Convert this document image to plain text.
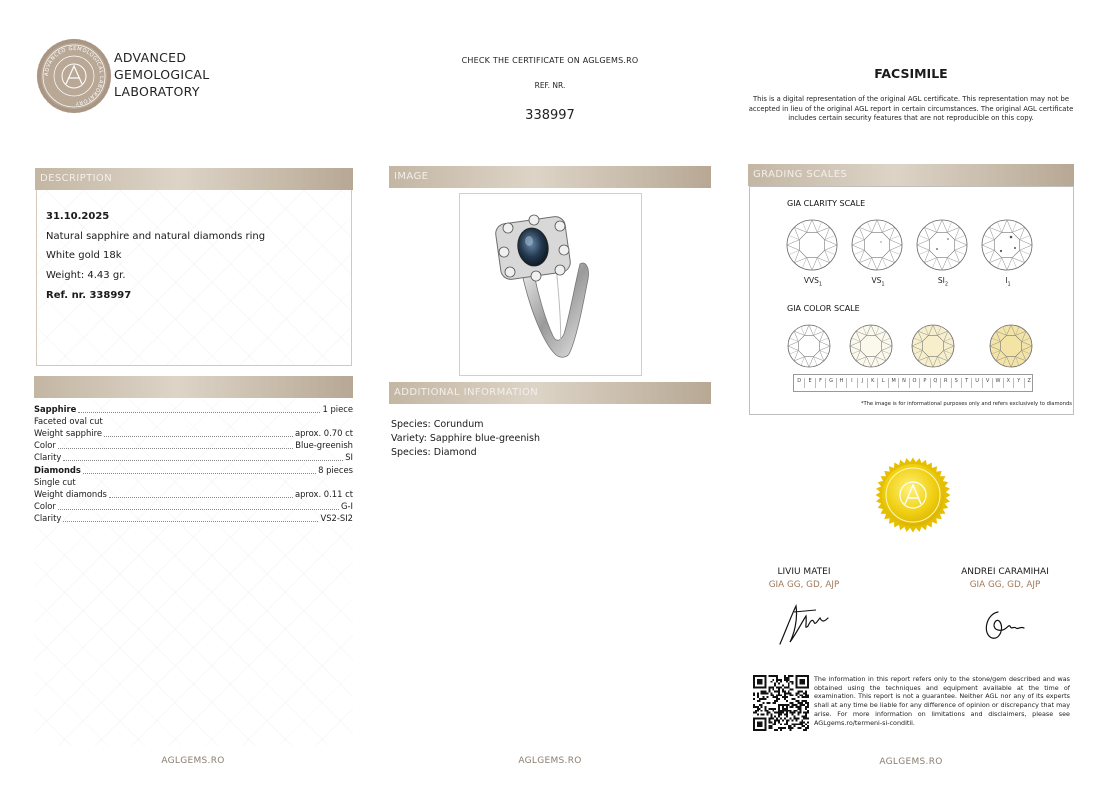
ADVANCED GEMOLOGICAL LABORATORY
ADVANCED
GEMOLOGICAL
LABORATORY
CHECK THE CERTIFICATE ON AGLGEMS.RO
REF. NR.
338997
FACSIMILE
This is a digital representation of the original AGL certificate. This representation may not be accepted in lieu of the original AGL report in certain circumstances. The original AGL certificate includes certain security features that are not reproducible on this copy.
DESCRIPTION
31.10.2025
Natural sapphire and natural diamonds ring
White gold 18k
Weight: 4.43 gr.
Ref. nr. 338997
Sapphire	1 piece
Faceted oval cut
Weight sapphire	aprox. 0.70 ct
Color	Blue-greenish
Clarity	SI
Diamonds	8 pieces
Single cut
Weight diamonds	aprox. 0.11 ct
Color	G-I
Clarity	VS2-SI2
AGLGEMS.RO
IMAGE
ADDITIONAL INFORMATION
Species: Corundum
Variety: Sapphire blue-greenish
Species: Diamond
AGLGEMS.RO
GRADING SCALES
GIA CLARITY SCALE
$VVS_1$	$VS_1$	$SI_2$	$I_1$
GIA COLOR SCALE
D	E	F	G	H	I	J	K	L	M	N	O	P	Q	R	S	T	U	V	W	X	Y	Z
*The image is for informational purposes only and refers exclusively to diamonds
LIVIU MATEI
GIA GG, GD, AJP
ANDREI CARAMIHAI
GIA GG, GD, AJP
The information in this report refers only to the stone/gem described and was obtained using the techniques and equipment available at the time of examination. This report is not a guarantee. Neither AGL nor any of its experts shall at any time be liable for any difference of opinion or discrepancy that may arise. For more information on limitations and disclaimers, please see AGLgems.ro/termeni-si-conditii.
AGLGEMS.RO
